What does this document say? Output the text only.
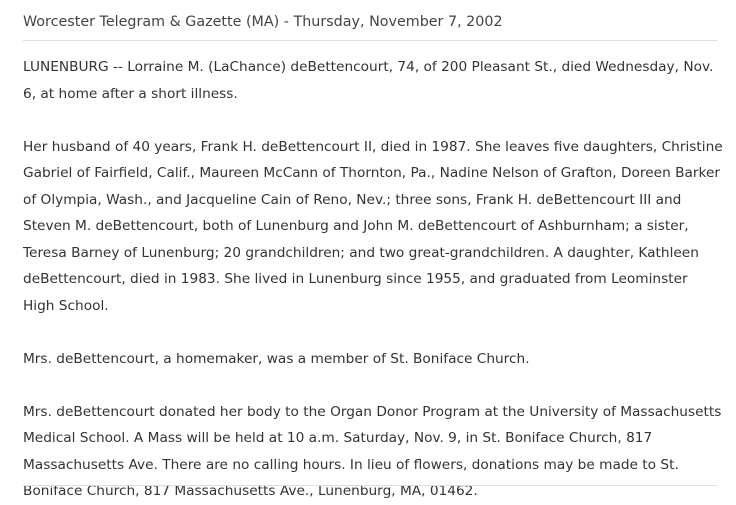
Worcester Telegram & Gazette (MA) - Thursday, November 7, 2002

LUNENBURG -- Lorraine M. (LaChance) deBettencourt, 74, of 200 Pleasant St., died Wednesday, Nov. 6, at home after a short illness.

Her husband of 40 years, Frank H. deBettencourt II, died in 1987. She leaves five daughters, Christine Gabriel of Fairfield, Calif., Maureen McCann of Thornton, Pa., Nadine Nelson of Grafton, Doreen Barker of Olympia, Wash., and Jacqueline Cain of Reno, Nev.; three sons, Frank H. deBettencourt III and Steven M. deBettencourt, both of Lunenburg and John M. deBettencourt of Ashburnham; a sister, Teresa Barney of Lunenburg; 20 grandchildren; and two great-grandchildren. A daughter, Kathleen deBettencourt, died in 1983. She lived in Lunenburg since 1955, and graduated from Leominster High School.

Mrs. deBettencourt, a homemaker, was a member of St. Boniface Church.

Mrs. deBettencourt donated her body to the Organ Donor Program at the University of Massachusetts Medical School. A Mass will be held at 10 a.m. Saturday, Nov. 9, in St. Boniface Church, 817 Massachusetts Ave. There are no calling hours. In lieu of flowers, donations may be made to St. Boniface Church, 817 Massachusetts Ave., Lunenburg, MA, 01462.
